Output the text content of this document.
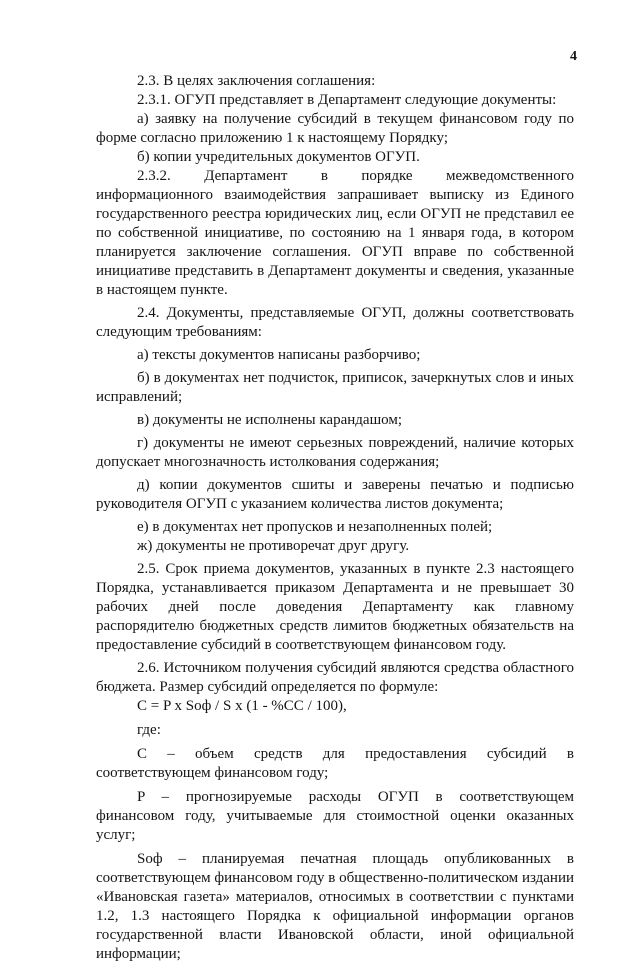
4

2.3. В целях заключения соглашения:

2.3.1. ОГУП представляет в Департамент следующие документы:

а) заявку на получение субсидий в текущем финансовом году по форме согласно приложению 1 к настоящему Порядку;

б) копии учредительных документов ОГУП.

2.3.2. Департамент в порядке межведомственного информационного взаимодействия запрашивает выписку из Единого государственного реестра юридических лиц, если ОГУП не представил ее по собственной инициативе, по состоянию на 1 января года, в котором планируется заключение соглашения. ОГУП вправе по собственной инициативе представить в Департамент документы и сведения, указанные в настоящем пункте.

2.4. Документы, представляемые ОГУП, должны соответствовать следующим требованиям:

а) тексты документов написаны разборчиво;

б) в документах нет подчисток, приписок, зачеркнутых слов и иных исправлений;

в) документы не исполнены карандашом;

г) документы не имеют серьезных повреждений, наличие которых допускает многозначность истолкования содержания;

д) копии документов сшиты и заверены печатью и подписью руководителя ОГУП с указанием количества листов документа;

е) в документах нет пропусков и незаполненных полей;

ж) документы не противоречат друг другу.

2.5. Срок приема документов, указанных в пункте 2.3 настоящего Порядка, устанавливается приказом Департамента и не превышает 30 рабочих дней после доведения Департаменту как главному распорядителю бюджетных средств лимитов бюджетных обязательств на предоставление субсидий в соответствующем финансовом году.

2.6. Источником получения субсидий являются средства областного бюджета. Размер субсидий определяется по формуле:

C = P x Sоф / S x (1 - %CC / 100),

где:

C – объем средств для предоставления субсидий в соответствующем финансовом году;

P – прогнозируемые расходы ОГУП в соответствующем финансовом году, учитываемые для стоимостной оценки оказанных услуг;

Sоф – планируемая печатная площадь опубликованных в соответствующем финансовом году в общественно-политическом издании «Ивановская газета» материалов, относимых в соответствии с пунктами 1.2, 1.3 настоящего Порядка к официальной информации органов государственной власти Ивановской области, иной официальной информации;
